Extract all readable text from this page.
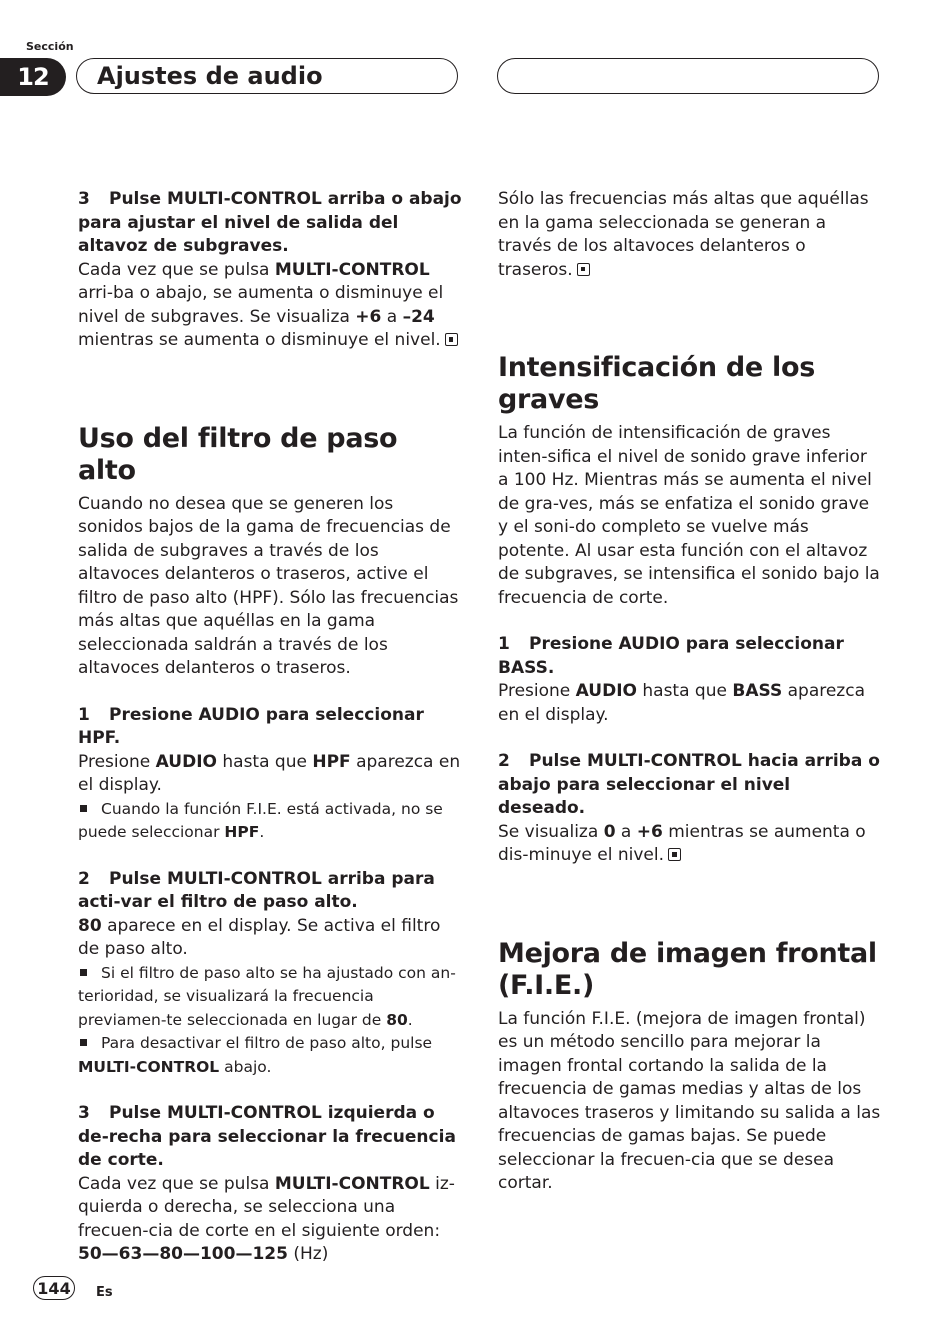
Sección
12	Ajustes de audio

3 Pulse MULTI-CONTROL arriba o abajo para ajustar el nivel de salida del altavoz de subgraves.

Cada vez que se pulsa MULTI-CONTROL arri-ba o abajo, se aumenta o disminuye el nivel de subgraves. Se visualiza +6 a –24 mientras se aumenta o disminuye el nivel.

Uso del filtro de paso alto

Cuando no desea que se generen los sonidos bajos de la gama de frecuencias de salida de subgraves a través de los altavoces delanteros o traseros, active el filtro de paso alto (HPF). Sólo las frecuencias más altas que aquéllas en la gama seleccionada saldrán a través de los altavoces delanteros o traseros.

1 Presione AUDIO para seleccionar HPF.

Presione AUDIO hasta que HPF aparezca en el display.

Cuando la función F.I.E. está activada, no se puede seleccionar HPF.

2 Pulse MULTI-CONTROL arriba para acti-var el filtro de paso alto.

80 aparece en el display. Se activa el filtro de paso alto.

Si el filtro de paso alto se ha ajustado con an-terioridad, se visualizará la frecuencia previamen-te seleccionada en lugar de 80.

Para desactivar el filtro de paso alto, pulse MULTI-CONTROL abajo.

3 Pulse MULTI-CONTROL izquierda o de-recha para seleccionar la frecuencia de corte.

Cada vez que se pulsa MULTI-CONTROL iz-quierda o derecha, se selecciona una frecuen-cia de corte en el siguiente orden:
50—63—80—100—125 (Hz)

Sólo las frecuencias más altas que aquéllas en la gama seleccionada se generan a través de los altavoces delanteros o traseros.

Intensificación de los graves

La función de intensificación de graves inten-sifica el nivel de sonido grave inferior a 100 Hz. Mientras más se aumenta el nivel de gra-ves, más se enfatiza el sonido grave y el soni-do completo se vuelve más potente. Al usar esta función con el altavoz de subgraves, se intensifica el sonido bajo la frecuencia de corte.

1 Presione AUDIO para seleccionar BASS.

Presione AUDIO hasta que BASS aparezca en el display.

2 Pulse MULTI-CONTROL hacia arriba o abajo para seleccionar el nivel deseado.

Se visualiza 0 a +6 mientras se aumenta o dis-minuye el nivel.

Mejora de imagen frontal (F.I.E.)

La función F.I.E. (mejora de imagen frontal) es un método sencillo para mejorar la imagen frontal cortando la salida de la frecuencia de gamas medias y altas de los altavoces traseros y limitando su salida a las frecuencias de gamas bajas. Se puede seleccionar la frecuen-cia que se desea cortar.

144	Es
